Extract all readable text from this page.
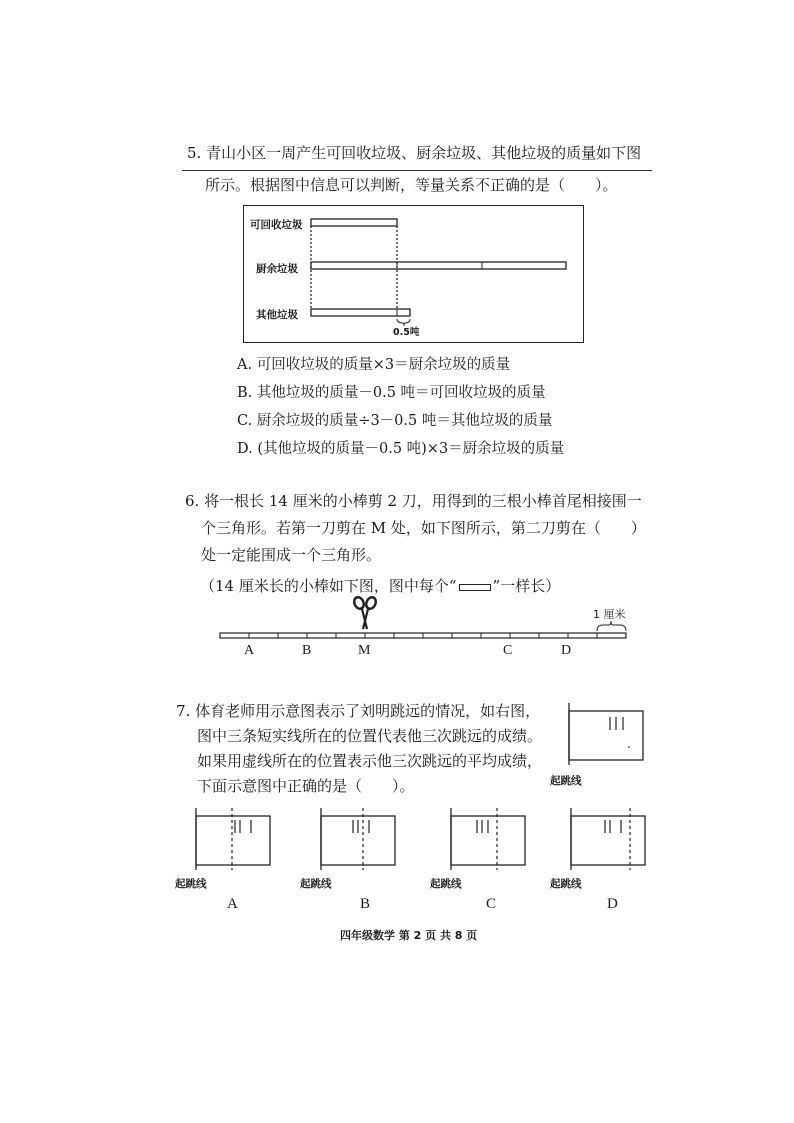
5. 青山小区一周产生可回收垃圾、厨余垃圾、其他垃圾的质量如下图
所示。根据图中信息可以判断，等量关系不正确的是（　　）。
可回收垃圾
厨余垃圾
其他垃圾
0.5吨
A. 可回收垃圾的质量×3＝厨余垃圾的质量
B. 其他垃圾的质量－0.5 吨＝可回收垃圾的质量
C. 厨余垃圾的质量÷3－0.5 吨＝其他垃圾的质量
D. (其他垃圾的质量－0.5 吨)×3＝厨余垃圾的质量
6. 将一根长 14 厘米的小棒剪 2 刀，用得到的三根小棒首尾相接围一
个三角形。若第一刀剪在 M 处，如下图所示，第二刀剪在（　　）
处一定能围成一个三角形。
（14 厘米长的小棒如下图，图中每个“ ”一样长）
1 厘米
A	B	M	C	D
7. 体育老师用示意图表示了刘明跳远的情况，如右图，
图中三条短实线所在的位置代表他三次跳远的成绩。
如果用虚线所在的位置表示他三次跳远的平均成绩，
下面示意图中正确的是（　　）。	起跳线
起跳线
A
起跳线
B
起跳线
C
起跳线
D
四年级数学 第 2 页 共 8 页
